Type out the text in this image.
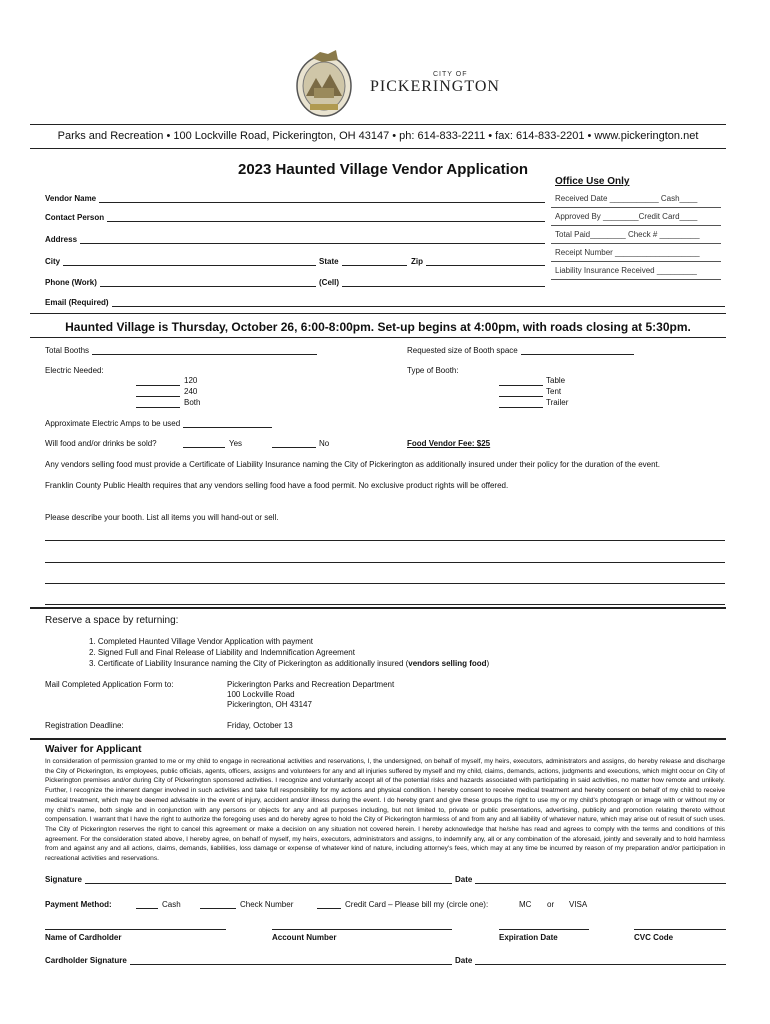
CITY OF
PICKERINGTON
Parks and Recreation • 100 Lockville Road, Pickerington, OH 43147 • ph: 614-833-2211 • fax: 614-833-2201 • www.pickerington.net
2023 Haunted Village Vendor Application
Office Use Only
Received Date ___________ Cash____
Approved By ________Credit Card____
Total Paid________ Check # _________
Receipt Number ___________________
Liability Insurance Received _________
Vendor Name
Contact Person
Address
City	State	Zip
Phone (Work)	(Cell)
Email (Required)
Haunted Village is Thursday, October 26, 6:00-8:00pm. Set-up begins at 4:00pm, with roads closing at 5:30pm.
Total Booths	Requested size of Booth space
Electric Needed:	Type of Booth:
120
240
Both
Table
Tent
Trailer
Approximate Electric Amps to be used
Will food and/or drinks be sold?	Yes	No	Food Vendor Fee: $25
Any vendors selling food must provide a Certificate of Liability Insurance naming the City of Pickerington as additionally insured under their policy for the duration of the event.
Franklin County Public Health requires that any vendors selling food have a food permit. No exclusive product rights will be offered.
Please describe your booth. List all items you will hand-out or sell.
Reserve a space by returning:
1. Completed Haunted Village Vendor Application with payment
2. Signed Full and Final Release of Liability and Indemnification Agreement
3. Certificate of Liability Insurance naming the City of Pickerington as additionally insured (vendors selling food)
Mail Completed Application Form to:	Pickerington Parks and Recreation Department
100 Lockville Road
Pickerington, OH 43147
Registration Deadline:	Friday, October 13
Waiver for Applicant
In consideration of permission granted to me or my child to engage in recreational activities and reservations, I, the undersigned, on behalf of myself, my heirs, executors, administrators and assigns, do hereby release and discharge the City of Pickerington, its employees, public officials, agents, officers, assigns and volunteers for any and all injuries suffered by myself and my child, claims, demands, actions, judgments and executions, which might occur on City of Pickerington premises and/or during City of Pickerington sponsored activities. I recognize and voluntarily accept all of the potential risks and hazards associated with participating in said activities, no matter how remote and unlikely. Further, I recognize the inherent danger involved in such activities and take full responsibility for my actions and physical condition. I hereby consent to receive medical treatment and hereby consent on behalf of my child to receive medical treatment, which may be deemed advisable in the event of injury, accident and/or illness during the event. I do hereby grant and give these groups the right to use my or my child's photograph or image with or without my or my child's name, both single and in conjunction with any persons or objects for any and all purposes including, but not limited to, private or public presentations, advertising, publicity and promotion relating thereto without compensation. I warrant that I have the right to authorize the foregoing uses and do hereby agree to hold the City of Pickerington harmless of and from any and all liability of whatever nature, which may arise out of result of such uses. The City of Pickerington reserves the right to cancel this agreement or make a decision on any situation not covered herein. I hereby acknowledge that he/she has read and agrees to comply with the terms and conditions of this agreement. For the consideration stated above, I hereby agree, on behalf of myself, my heirs, executors, administrators and assigns, to indemnify any, all or any combination of the aforesaid, jointly and severally and to hold harmless from and against any and all actions, claims, demands, liabilities, loss damage or expense of whatever kind of nature, including attorney's fees, which may at any time be incurred by reason of my preparation and/or participation in recreational activities and reservations.
Signature	Date
Payment Method:	Cash	Check Number	Credit Card – Please bill my (circle one):	MC or VISA
Name of Cardholder	Account Number	Expiration Date	CVC Code
Cardholder Signature	Date
